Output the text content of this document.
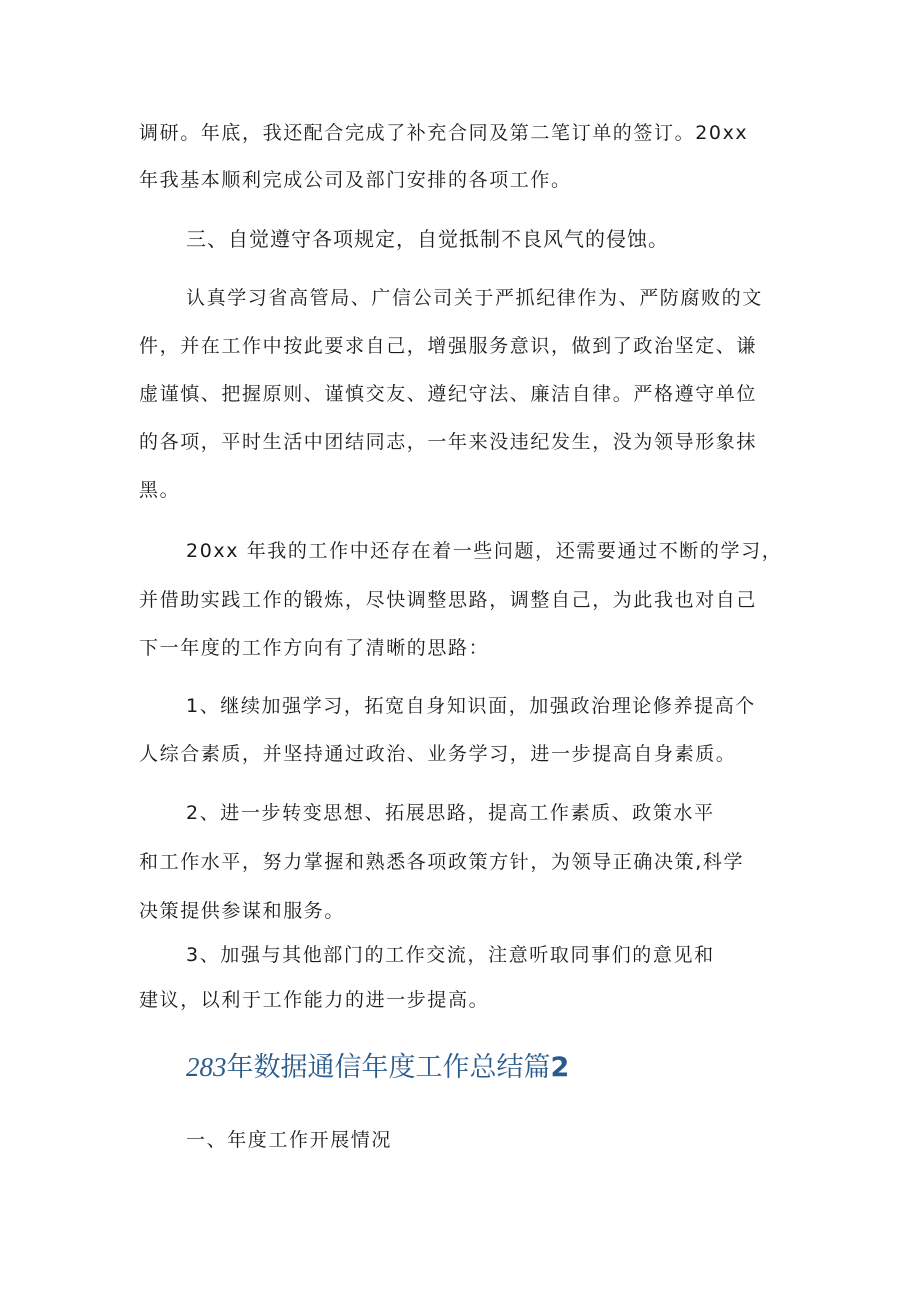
调研。年底，我还配合完成了补充合同及第二笔订单的签订。20xx
年我基本顺利完成公司及部门安排的各项工作。
三、自觉遵守各项规定，自觉抵制不良风气的侵蚀。
认真学习省高管局、广信公司关于严抓纪律作为、严防腐败的文
件，并在工作中按此要求自己，增强服务意识，做到了政治坚定、谦
虚谨慎、把握原则、谨慎交友、遵纪守法、廉洁自律。严格遵守单位
的各项，平时生活中团结同志，一年来没违纪发生，没为领导形象抹
黑。
20xx 年我的工作中还存在着一些问题，还需要通过不断的学习，
并借助实践工作的锻炼，尽快调整思路，调整自己，为此我也对自己
下一年度的工作方向有了清晰的思路：
1、继续加强学习，拓宽自身知识面，加强政治理论修养提高个
人综合素质，并坚持通过政治、业务学习，进一步提高自身素质。
2、进一步转变思想、拓展思路，提高工作素质、政策水平
和工作水平，努力掌握和熟悉各项政策方针，为领导正确决策,科学
决策提供参谋和服务。
3、加强与其他部门的工作交流，注意听取同事们的意见和
建议，以利于工作能力的进一步提高。
283年数据通信年度工作总结篇2
一、年度工作开展情况
